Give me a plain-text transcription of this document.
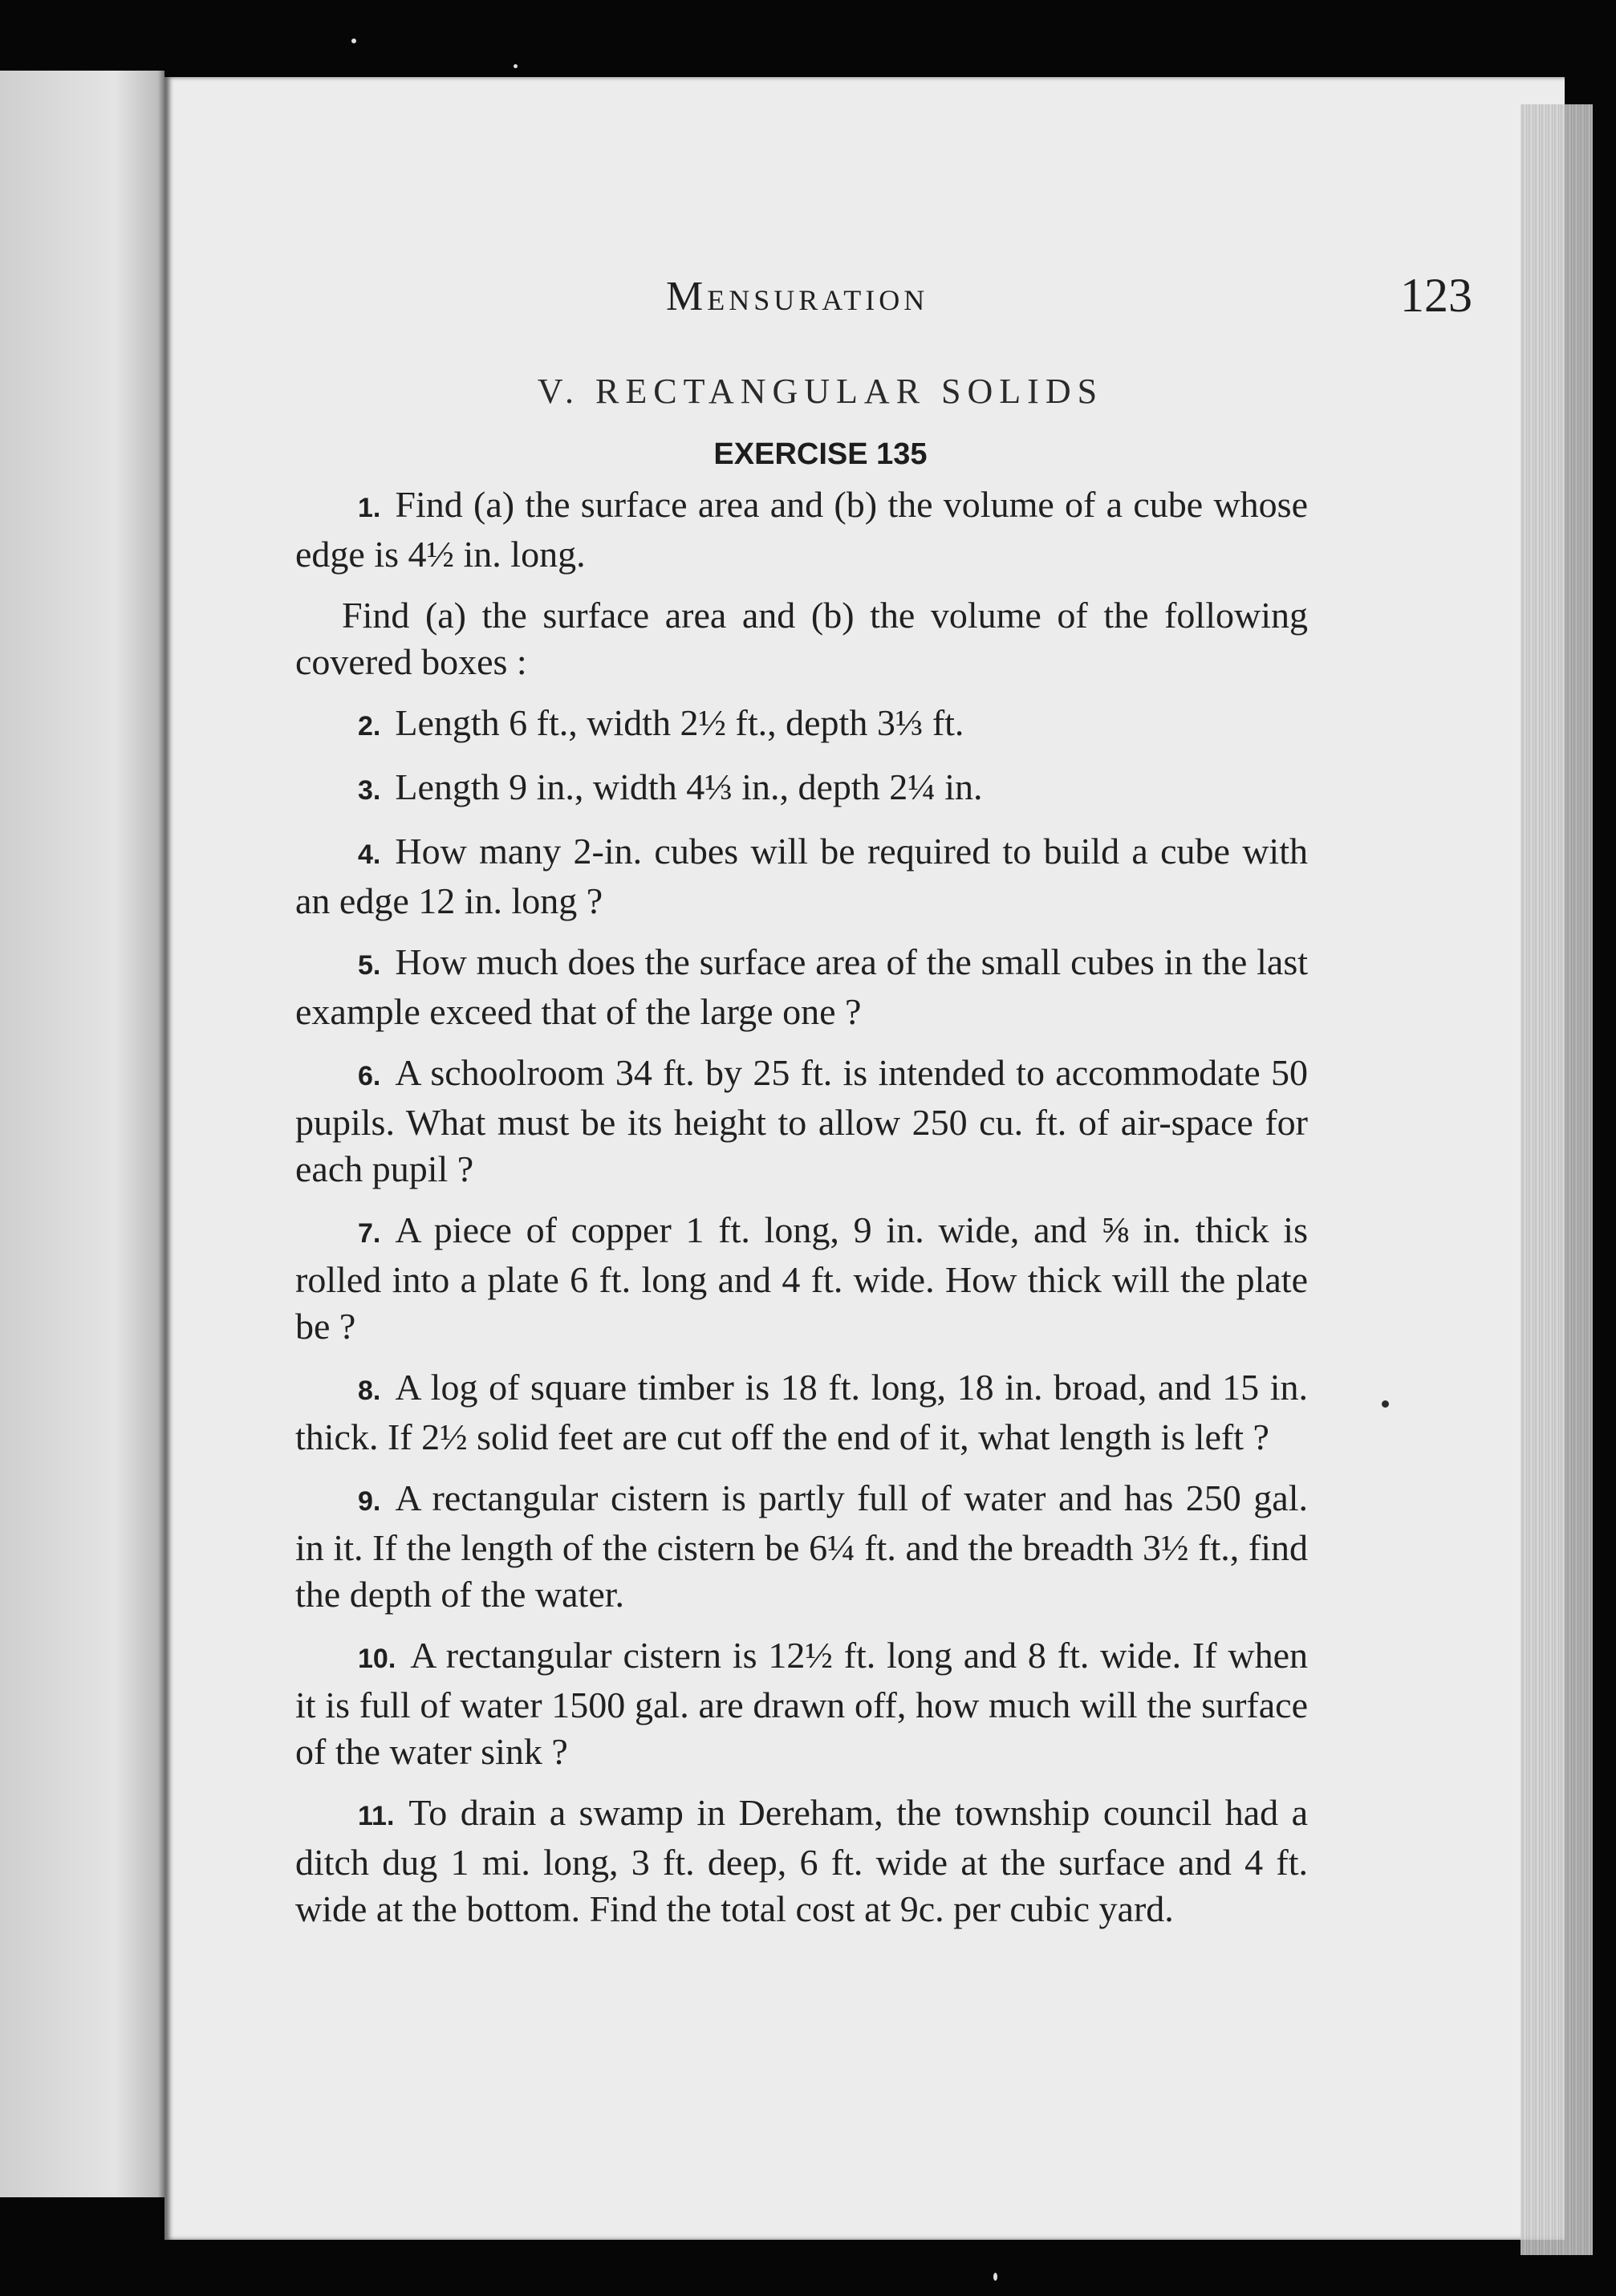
Mensuration	123
V. RECTANGULAR SOLIDS
EXERCISE 135

1. Find (a) the surface area and (b) the volume of a cube whose edge is 4½ in. long.

Find (a) the surface area and (b) the volume of the following covered boxes :

2. Length 6 ft., width 2½ ft., depth 3⅓ ft.

3. Length 9 in., width 4⅓ in., depth 2¼ in.

4. How many 2-in. cubes will be required to build a cube with an edge 12 in. long ?

5. How much does the surface area of the small cubes in the last example exceed that of the large one ?

6. A schoolroom 34 ft. by 25 ft. is intended to accommodate 50 pupils. What must be its height to allow 250 cu. ft. of air-space for each pupil ?

7. A piece of copper 1 ft. long, 9 in. wide, and ⅝ in. thick is rolled into a plate 6 ft. long and 4 ft. wide. How thick will the plate be ?

8. A log of square timber is 18 ft. long, 18 in. broad, and 15 in. thick. If 2½ solid feet are cut off the end of it, what length is left ?

9. A rectangular cistern is partly full of water and has 250 gal. in it. If the length of the cistern be 6¼ ft. and the breadth 3½ ft., find the depth of the water.

10. A rectangular cistern is 12½ ft. long and 8 ft. wide. If when it is full of water 1500 gal. are drawn off, how much will the surface of the water sink ?

11. To drain a swamp in Dereham, the township council had a ditch dug 1 mi. long, 3 ft. deep, 6 ft. wide at the surface and 4 ft. wide at the bottom. Find the total cost at 9c. per cubic yard.
